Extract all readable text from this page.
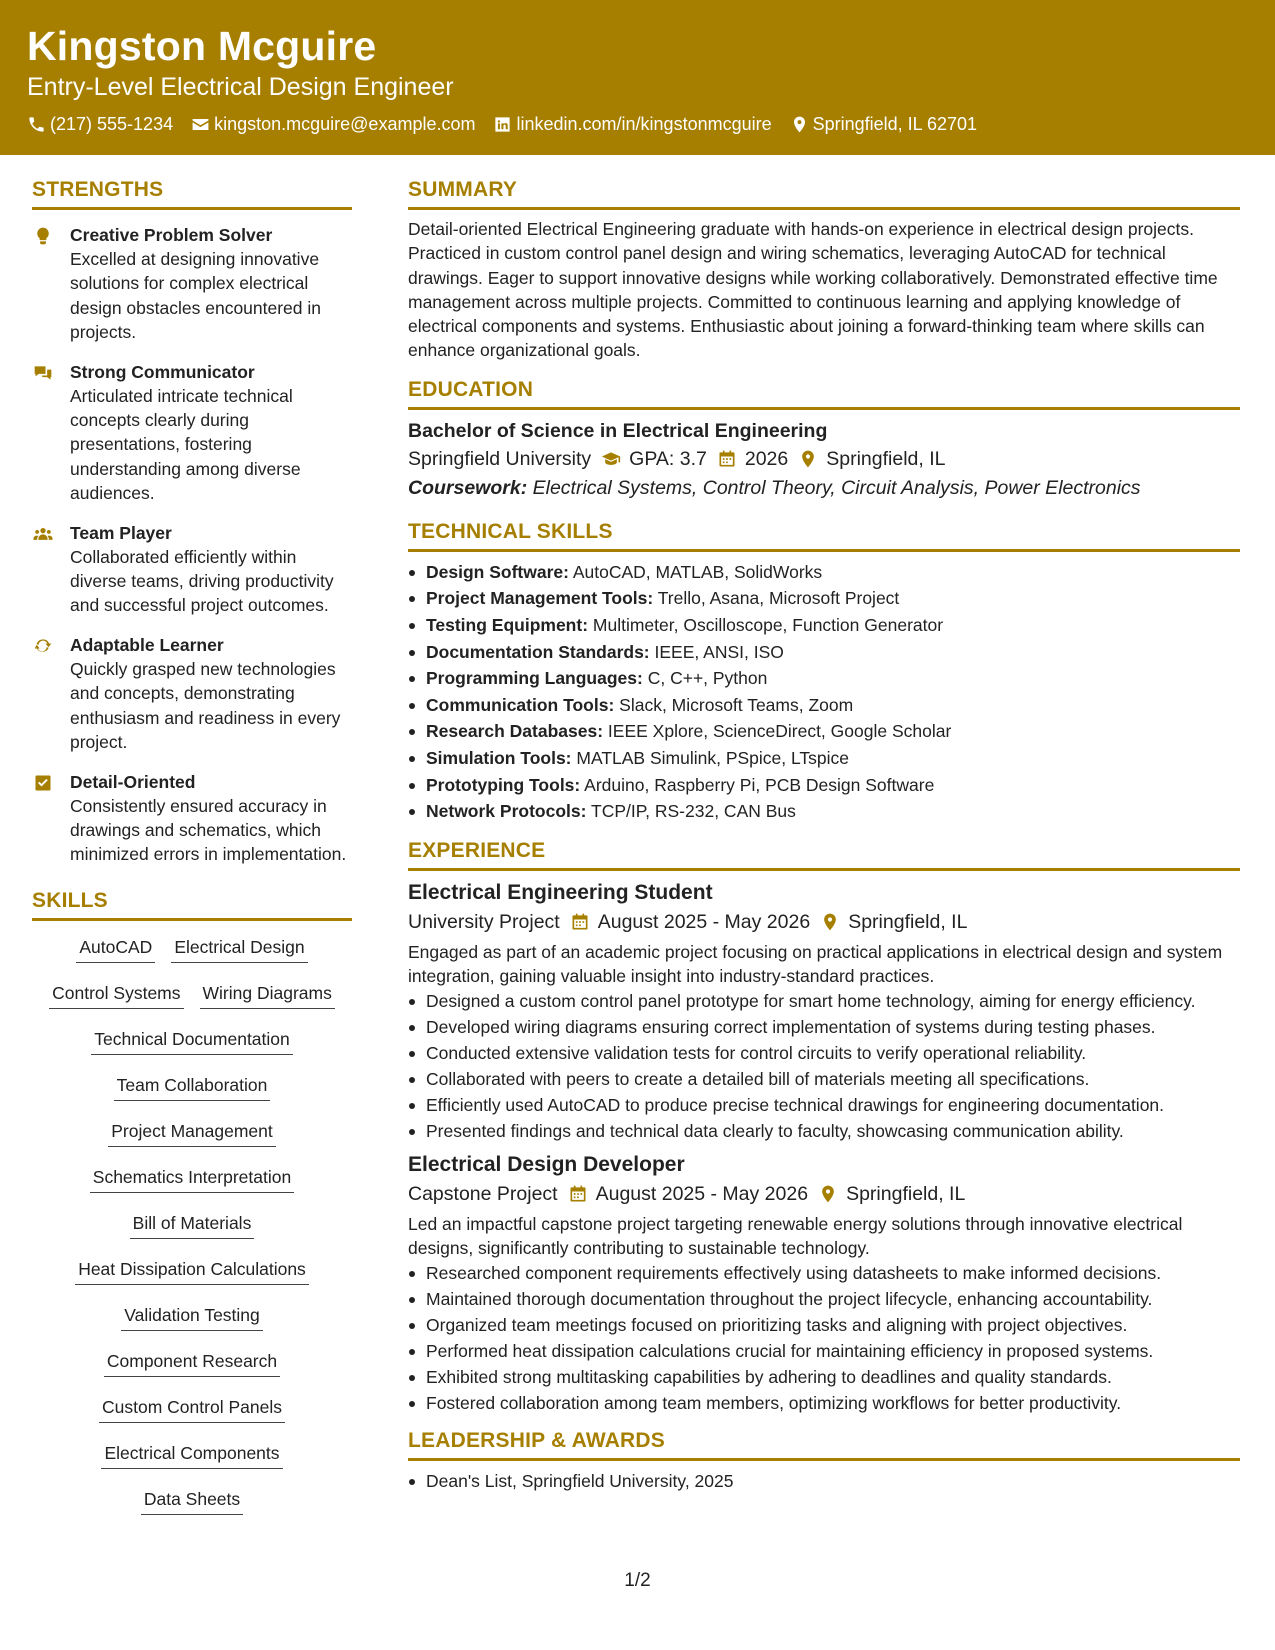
Kingston Mcguire
Entry-Level Electrical Design Engineer
(217) 555-1234 kingston.mcguire@example.com linkedin.com/in/kingstonmcguire Springfield, IL 62701
STRENGTHS
Creative Problem Solver
Excelled at designing innovative solutions for complex electrical design obstacles encountered in projects.
Strong Communicator
Articulated intricate technical concepts clearly during presentations, fostering understanding among diverse audiences.
Team Player
Collaborated efficiently within diverse teams, driving productivity and successful project outcomes.
Adaptable Learner
Quickly grasped new technologies and concepts, demonstrating enthusiasm and readiness in every project.
Detail-Oriented
Consistently ensured accuracy in drawings and schematics, which minimized errors in implementation.
SKILLS
AutoCAD Electrical Design
Control Systems Wiring Diagrams
Technical Documentation
Team Collaboration
Project Management
Schematics Interpretation
Bill of Materials
Heat Dissipation Calculations
Validation Testing
Component Research
Custom Control Panels
Electrical Components
Data Sheets
SUMMARY
Detail-oriented Electrical Engineering graduate with hands-on experience in electrical design projects. Practiced in custom control panel design and wiring schematics, leveraging AutoCAD for technical drawings. Eager to support innovative designs while working collaboratively. Demonstrated effective time management across multiple projects. Committed to continuous learning and applying knowledge of electrical components and systems. Enthusiastic about joining a forward-thinking team where skills can enhance organizational goals.
EDUCATION
Bachelor of Science in Electrical Engineering
Springfield University GPA: 3.7 2026 Springfield, IL
Coursework: Electrical Systems, Control Theory, Circuit Analysis, Power Electronics
TECHNICAL SKILLS
Design Software: AutoCAD, MATLAB, SolidWorks
Project Management Tools: Trello, Asana, Microsoft Project
Testing Equipment: Multimeter, Oscilloscope, Function Generator
Documentation Standards: IEEE, ANSI, ISO
Programming Languages: C, C++, Python
Communication Tools: Slack, Microsoft Teams, Zoom
Research Databases: IEEE Xplore, ScienceDirect, Google Scholar
Simulation Tools: MATLAB Simulink, PSpice, LTspice
Prototyping Tools: Arduino, Raspberry Pi, PCB Design Software
Network Protocols: TCP/IP, RS-232, CAN Bus
EXPERIENCE
Electrical Engineering Student
University Project August 2025 - May 2026 Springfield, IL
Engaged as part of an academic project focusing on practical applications in electrical design and system integration, gaining valuable insight into industry-standard practices.
Designed a custom control panel prototype for smart home technology, aiming for energy efficiency.
Developed wiring diagrams ensuring correct implementation of systems during testing phases.
Conducted extensive validation tests for control circuits to verify operational reliability.
Collaborated with peers to create a detailed bill of materials meeting all specifications.
Efficiently used AutoCAD to produce precise technical drawings for engineering documentation.
Presented findings and technical data clearly to faculty, showcasing communication ability.
Electrical Design Developer
Capstone Project August 2025 - May 2026 Springfield, IL
Led an impactful capstone project targeting renewable energy solutions through innovative electrical designs, significantly contributing to sustainable technology.
Researched component requirements effectively using datasheets to make informed decisions.
Maintained thorough documentation throughout the project lifecycle, enhancing accountability.
Organized team meetings focused on prioritizing tasks and aligning with project objectives.
Performed heat dissipation calculations crucial for maintaining efficiency in proposed systems.
Exhibited strong multitasking capabilities by adhering to deadlines and quality standards.
Fostered collaboration among team members, optimizing workflows for better productivity.
LEADERSHIP & AWARDS
Dean's List, Springfield University, 2025
1/2
